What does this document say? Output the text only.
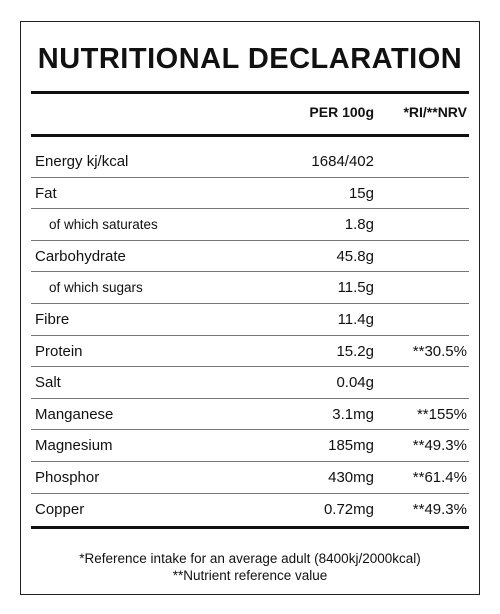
NUTRITIONAL DECLARATION
PER 100g *RI/**NRV
Energy kj/kcal	1684/402
Fat	15g
of which saturates	1.8g
Carbohydrate	45.8g
of which sugars	11.5g
Fibre	11.4g
Protein	15.2g	**30.5%
Salt	0.04g
Manganese	3.1mg	**155%
Magnesium	185mg	**49.3%
Phosphor	430mg	**61.4%
Copper	0.72mg	**49.3%
*Reference intake for an average adult (8400kj/2000kcal)
**Nutrient reference value
